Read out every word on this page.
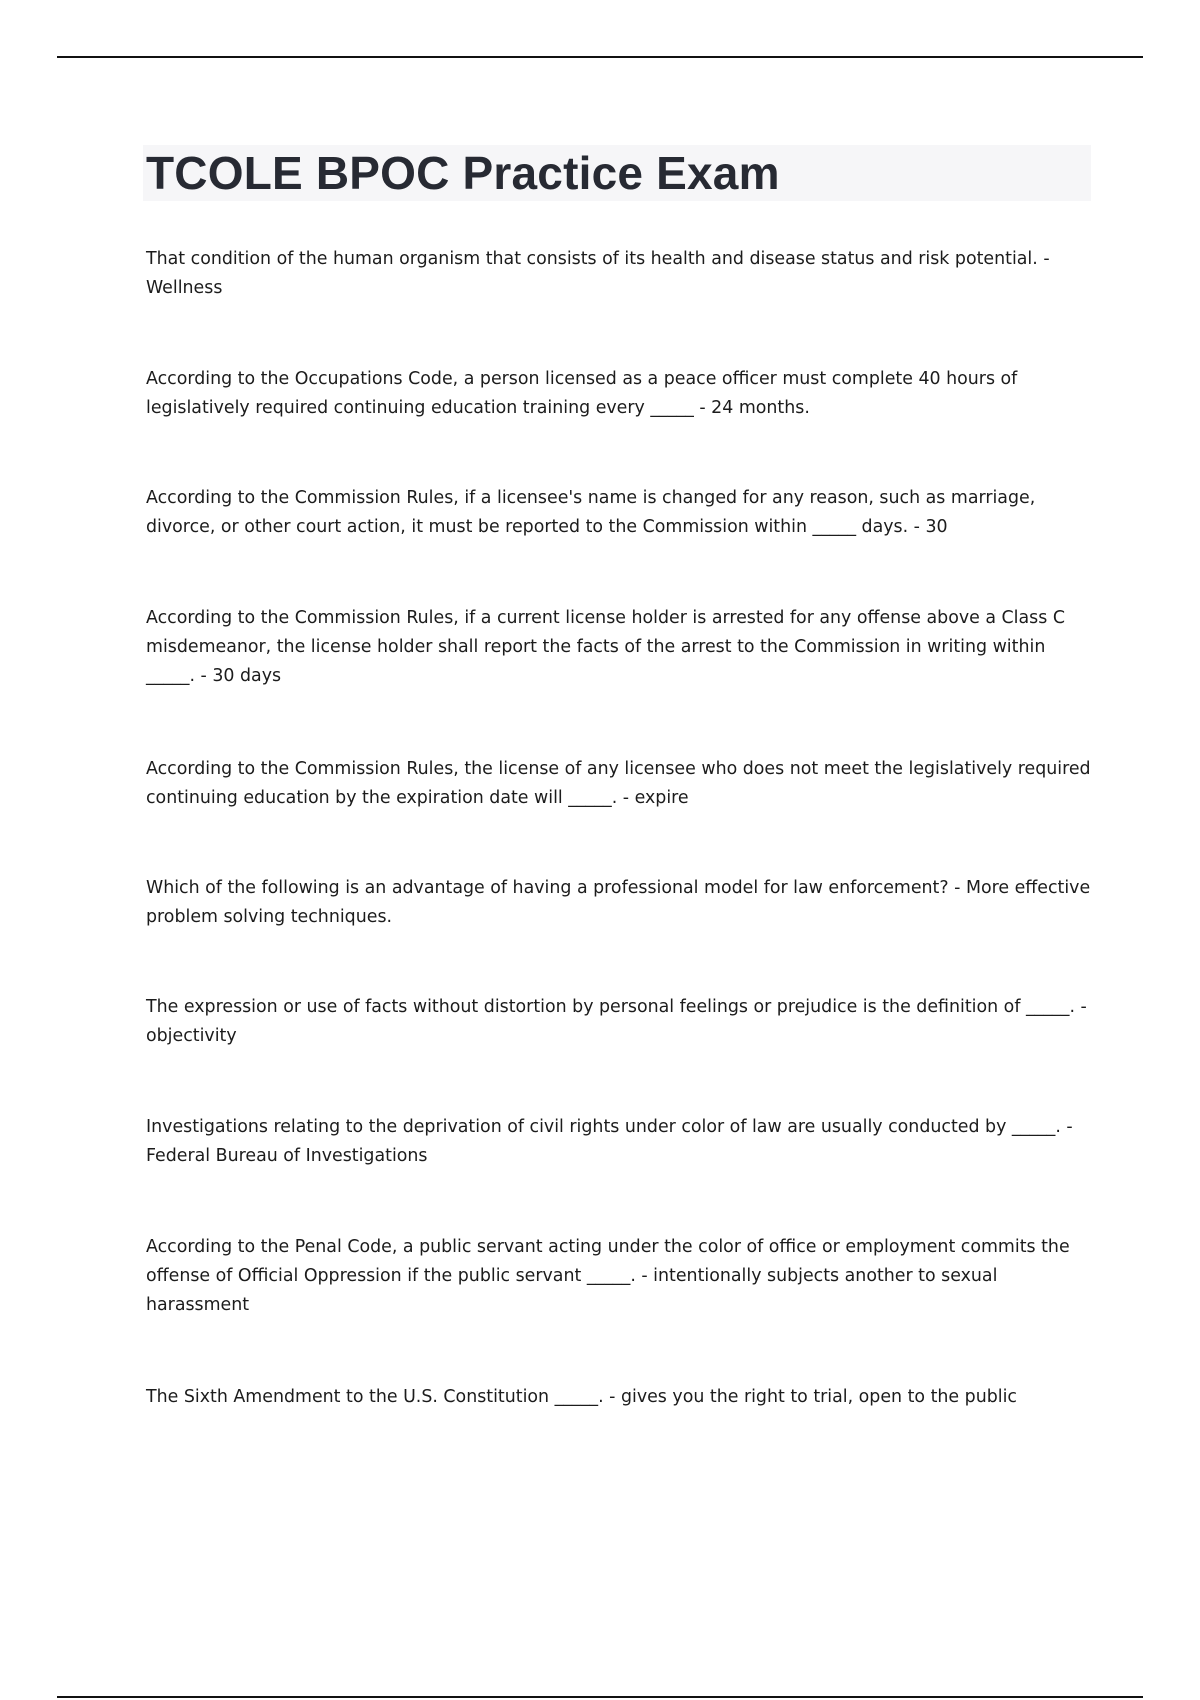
TCOLE BPOC Practice Exam
That condition of the human organism that consists of its health and disease status and risk potential. - Wellness
According to the Occupations Code, a person licensed as a peace officer must complete 40 hours of legislatively required continuing education training every _____ - 24 months.
According to the Commission Rules, if a licensee's name is changed for any reason, such as marriage, divorce, or other court action, it must be reported to the Commission within _____ days. - 30
According to the Commission Rules, if a current license holder is arrested for any offense above a Class C misdemeanor, the license holder shall report the facts of the arrest to the Commission in writing within _____. - 30 days
According to the Commission Rules, the license of any licensee who does not meet the legislatively required continuing education by the expiration date will _____. - expire
Which of the following is an advantage of having a professional model for law enforcement? - More effective problem solving techniques.
The expression or use of facts without distortion by personal feelings or prejudice is the definition of _____. - objectivity
Investigations relating to the deprivation of civil rights under color of law are usually conducted by _____. - Federal Bureau of Investigations
According to the Penal Code, a public servant acting under the color of office or employment commits the offense of Official Oppression if the public servant _____. - intentionally subjects another to sexual harassment
The Sixth Amendment to the U.S. Constitution _____. - gives you the right to trial, open to the public
